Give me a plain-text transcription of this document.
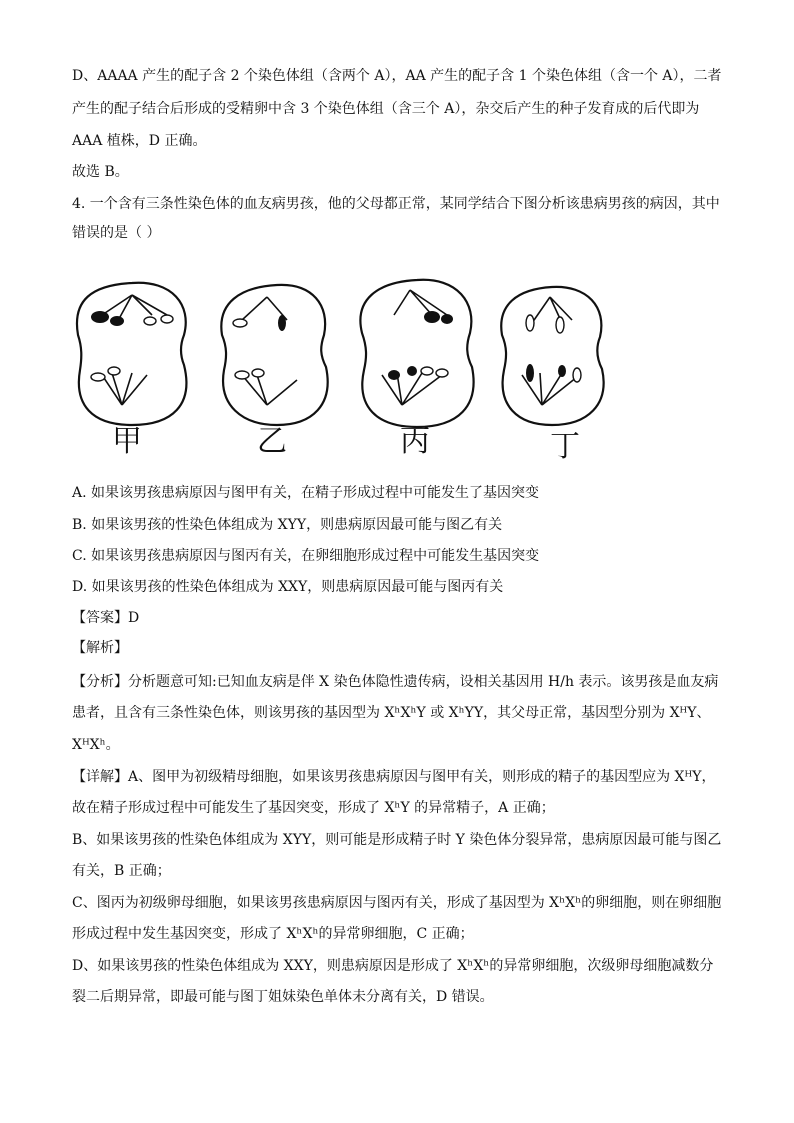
D、AAAA 产生的配子含 2 个染色体组（含两个 A），AA 产生的配子含 1 个染色体组（含一个 A），二者
产生的配子结合后形成的受精卵中含 3 个染色体组（含三个 A），杂交后产生的种子发育成的后代即为
AAA 植株，D 正确。
故选 B。
4. 一个含有三条性染色体的血友病男孩，他的父母都正常，某同学结合下图分析该患病男孩的病因，其中
错误的是（ ）
甲	乙	丙	丁
A. 如果该男孩患病原因与图甲有关，在精子形成过程中可能发生了基因突变
B. 如果该男孩的性染色体组成为 XYY，则患病原因最可能与图乙有关
C. 如果该男孩患病原因与图丙有关，在卵细胞形成过程中可能发生基因突变
D. 如果该男孩的性染色体组成为 XXY，则患病原因最可能与图丙有关
【答案】D
【解析】
【分析】分析题意可知:已知血友病是伴 X 染色体隐性遗传病，设相关基因用 H/h 表示。该男孩是血友病
患者，且含有三条性染色体，则该男孩的基因型为 XʰXʰY 或 XʰYY，其父母正常，基因型分别为 XᴴY、
XᴴXʰ。
【详解】A、图甲为初级精母细胞，如果该男孩患病原因与图甲有关，则形成的精子的基因型应为 XᴴY，
故在精子形成过程中可能发生了基因突变，形成了 XʰY 的异常精子，A 正确；
B、如果该男孩的性染色体组成为 XYY，则可能是形成精子时 Y 染色体分裂异常，患病原因最可能与图乙
有关，B 正确；
C、图丙为初级卵母细胞，如果该男孩患病原因与图丙有关，形成了基因型为 XʰXʰ的卵细胞，则在卵细胞
形成过程中发生基因突变，形成了 XʰXʰ的异常卵细胞，C 正确；
D、如果该男孩的性染色体组成为 XXY，则患病原因是形成了 XʰXʰ的异常卵细胞，次级卵母细胞减数分
裂二后期异常，即最可能与图丁姐妹染色单体未分离有关，D 错误。
